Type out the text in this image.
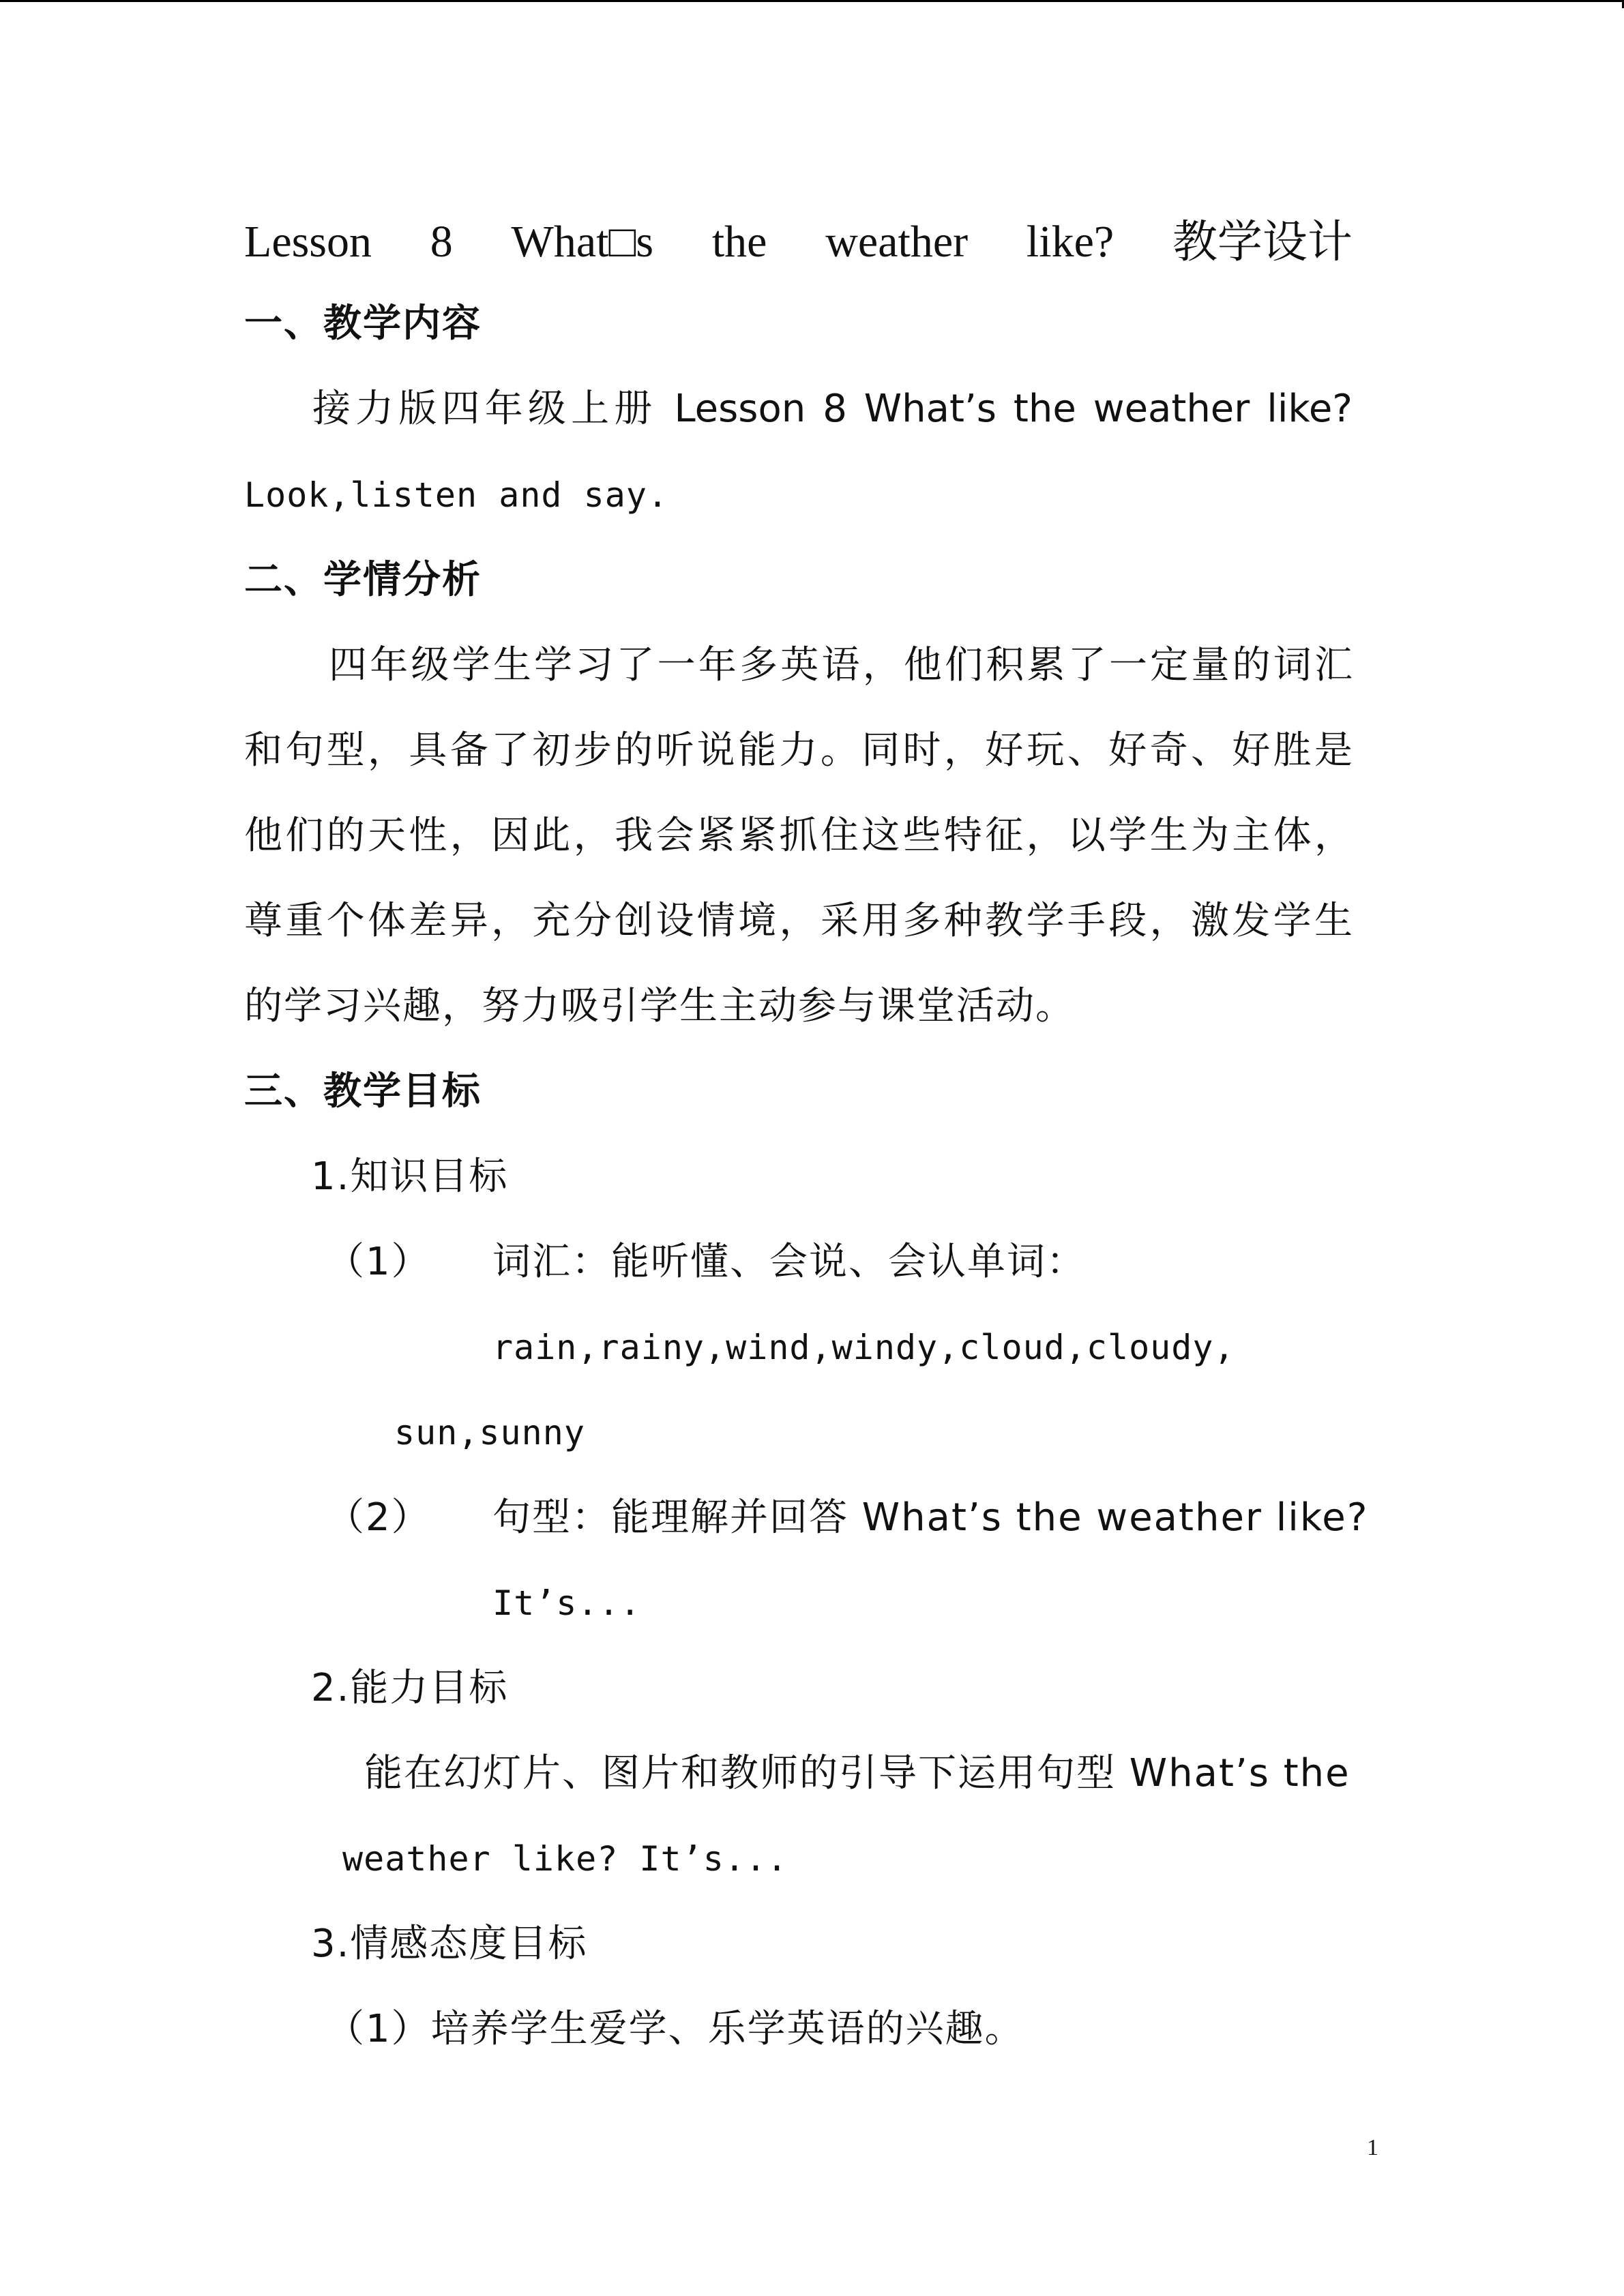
Lesson 8 What□s the weather like? 教学设计
一、教学内容
接力版四年级上册 Lesson 8 What’s the weather like?
Look,listen and say.
二、学情分析
四年级学生学习了一年多英语，他们积累了一定量的词汇
和句型，具备了初步的听说能力。同时，好玩、好奇、好胜是
他们的天性，因此，我会紧紧抓住这些特征，以学生为主体，
尊重个体差异，充分创设情境，采用多种教学手段，激发学生
的学习兴趣，努力吸引学生主动参与课堂活动。
三、教学目标
1.知识目标
（1） 词汇：能听懂、会说、会认单词：
rain,rainy,wind,windy,cloud,cloudy,
sun,sunny
（2） 句型：能理解并回答 What’s the weather like?
It’s...
2.能力目标
能在幻灯片、图片和教师的引导下运用句型 What’s the
weather like? It’s...
3.情感态度目标
（1）培养学生爱学、乐学英语的兴趣。
1
